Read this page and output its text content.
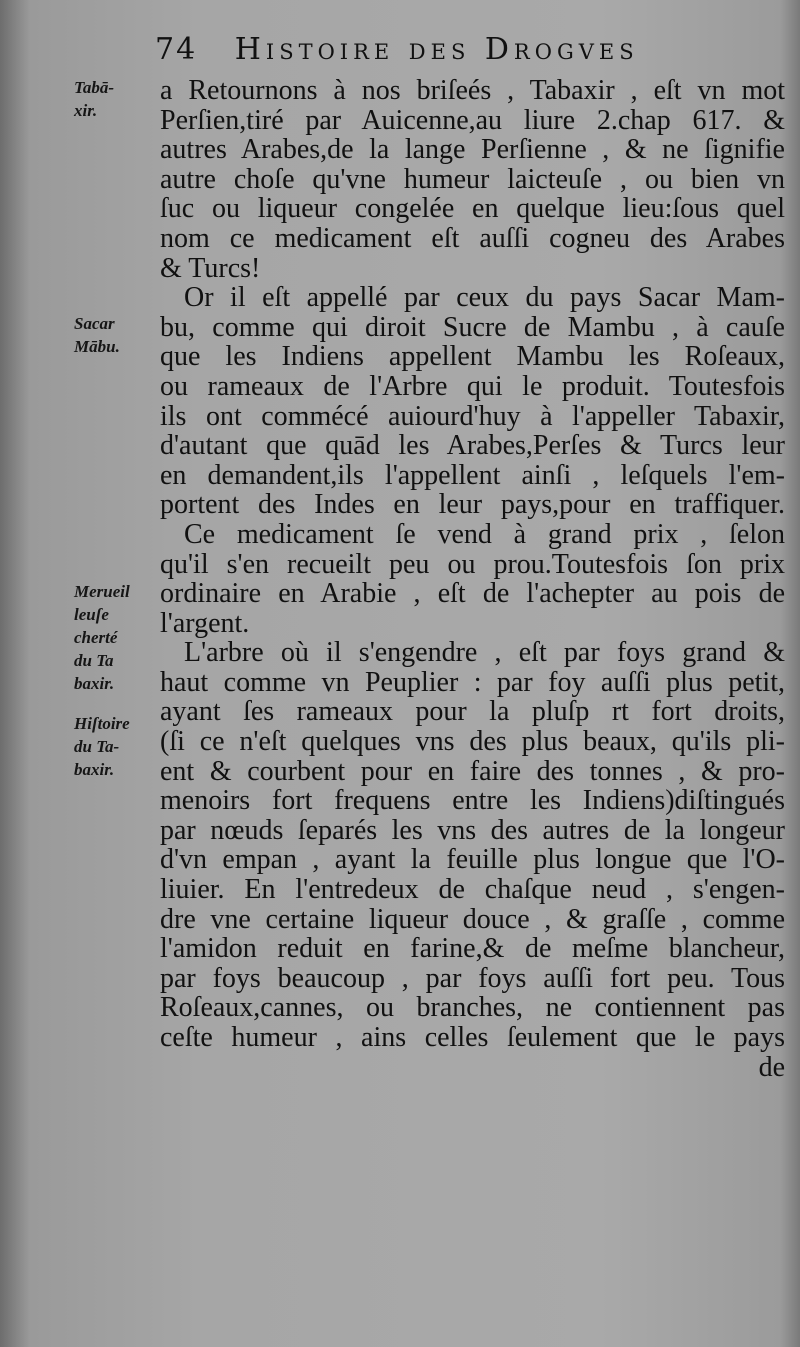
74 Histoire des Drogves
Tabā-
xir.
Sacar
Mābu.
Merueil
leuſe
cherté
du Ta
baxir.
Hiſtoire
du Ta-
baxir.
a Retournons à nos briſeés , Tabaxir , eſt vn mot
Perſien,tiré par Auicenne,au liure 2.chap 617. &
autres Arabes,de la lange Perſienne , & ne ſignifie
autre choſe qu'vne humeur laicteuſe , ou bien vn
ſuc ou liqueur congelée en quelque lieu:ſous quel
nom ce medicament eſt auſſi cogneu des Arabes
& Turcs!
Or il eſt appellé par ceux du pays Sacar Mam-
bu, comme qui diroit Sucre de Mambu , à cauſe
que les Indiens appellent Mambu les Roſeaux,
ou rameaux de l'Arbre qui le produit. Toutesfois
ils ont commécé auiourd'huy à l'appeller Tabaxir,
d'autant que quād les Arabes,Perſes & Turcs leur
en demandent,ils l'appellent ainſi , leſquels l'em-
portent des Indes en leur pays,pour en traffiquer.
Ce medicament ſe vend à grand prix , ſelon
qu'il s'en recueilt peu ou prou.Toutesfois ſon prix
ordinaire en Arabie , eſt de l'achepter au pois de
l'argent.
L'arbre où il s'engendre , eſt par foys grand &
haut comme vn Peuplier : par foy auſſi plus petit,
ayant ſes rameaux pour la pluſp rt fort droits,
(ſi ce n'eſt quelques vns des plus beaux, qu'ils pli-
ent & courbent pour en faire des tonnes , & pro-
menoirs fort frequens entre les Indiens)diſtingués
par nœuds ſeparés les vns des autres de la longeur
d'vn empan , ayant la feuille plus longue que l'O-
liuier. En l'entredeux de chaſque neud , s'engen-
dre vne certaine liqueur douce , & graſſe , comme
l'amidon reduit en farine,& de meſme blancheur,
par foys beaucoup , par foys auſſi fort peu. Tous
Roſeaux,cannes, ou branches, ne contiennent pas
ceſte humeur , ains celles ſeulement que le pays
de
